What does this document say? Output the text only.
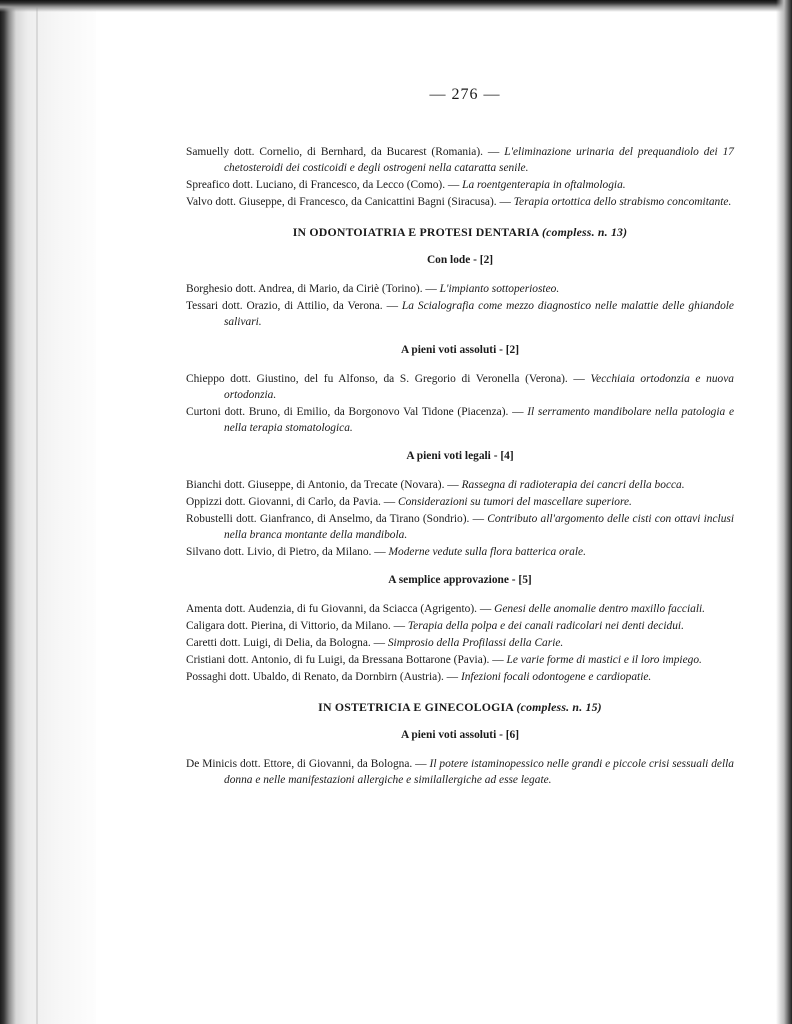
— 276 —

Samuelly dott. Cornelio, di Bernhard, da Bucarest (Romania). — L'eliminazione urinaria del prequandiolo dei 17 chetosteroidi dei costicoidi e degli ostrogeni nella cataratta senile.

Spreafico dott. Luciano, di Francesco, da Lecco (Como). — La roentgenterapia in oftalmologia.

Valvo dott. Giuseppe, di Francesco, da Canicattini Bagni (Siracusa). — Terapia ortottica dello strabismo concomitante.

IN ODONTOIATRIA E PROTESI DENTARIA (compless. n. 13)
Con lode - [2]

Borghesio dott. Andrea, di Mario, da Ciriè (Torino). — L'impianto sottoperiosteo.

Tessari dott. Orazio, di Attilio, da Verona. — La Scialografia come mezzo diagnostico nelle malattie delle ghiandole salivari.

A pieni voti assoluti - [2]

Chieppo dott. Giustino, del fu Alfonso, da S. Gregorio di Veronella (Verona). — Vecchiaia ortodonzia e nuova ortodonzia.

Curtoni dott. Bruno, di Emilio, da Borgonovo Val Tidone (Piacenza). — Il serramento mandibolare nella patologia e nella terapia stomatologica.

A pieni voti legali - [4]

Bianchi dott. Giuseppe, di Antonio, da Trecate (Novara). — Rassegna di radioterapia dei cancri della bocca.

Oppizzi dott. Giovanni, di Carlo, da Pavia. — Considerazioni su tumori del mascellare superiore.

Robustelli dott. Gianfranco, di Anselmo, da Tirano (Sondrio). — Contributo all'argomento delle cisti con ottavi inclusi nella branca montante della mandibola.

Silvano dott. Livio, di Pietro, da Milano. — Moderne vedute sulla flora batterica orale.

A semplice approvazione - [5]

Amenta dott. Audenzia, di fu Giovanni, da Sciacca (Agrigento). — Genesi delle anomalie dentro maxillo facciali.

Caligara dott. Pierina, di Vittorio, da Milano. — Terapia della polpa e dei canali radicolari nei denti decidui.

Caretti dott. Luigi, di Delia, da Bologna. — Simprosio della Profilassi della Carie.

Cristiani dott. Antonio, di fu Luigi, da Bressana Bottarone (Pavia). — Le varie forme di mastici e il loro impiego.

Possaghi dott. Ubaldo, di Renato, da Dornbirn (Austria). — Infezioni focali odontogene e cardiopatie.

IN OSTETRICIA E GINECOLOGIA (compless. n. 15)
A pieni voti assoluti - [6]

De Minicis dott. Ettore, di Giovanni, da Bologna. — Il potere istaminopessico nelle grandi e piccole crisi sessuali della donna e nelle manifestazioni allergiche e similallergiche ad esse legate.
